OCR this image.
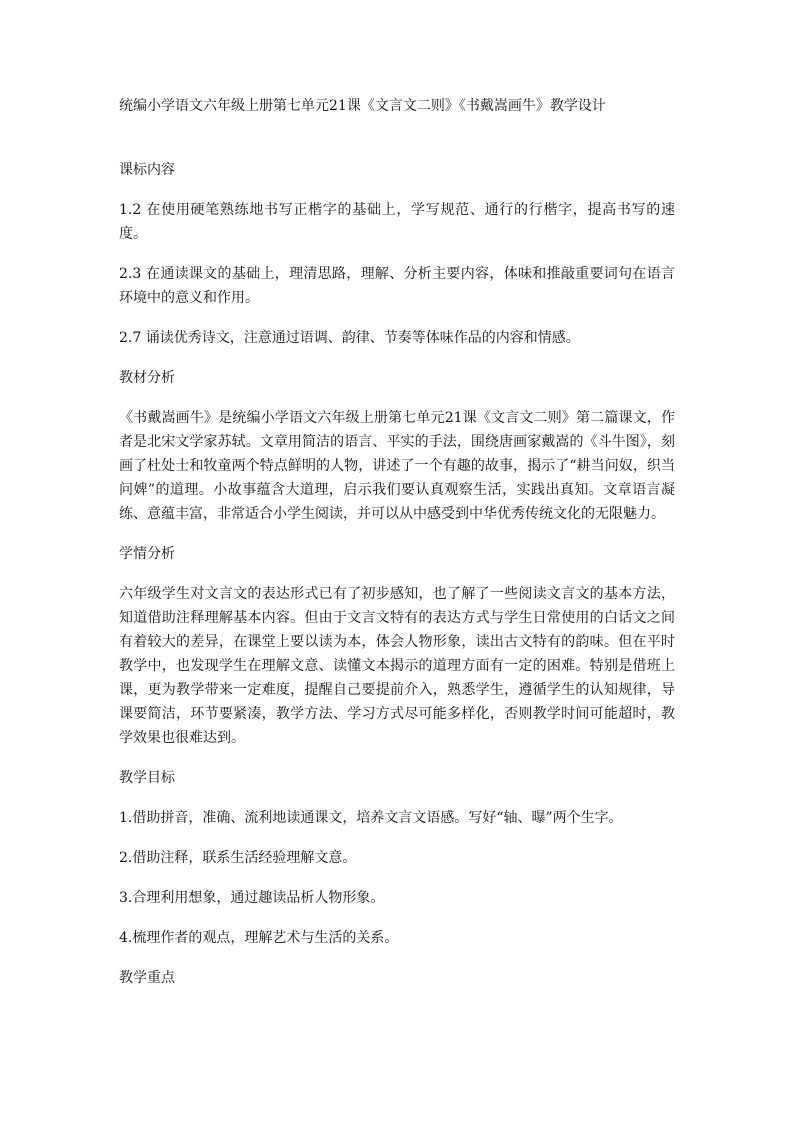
统编小学语文六年级上册第七单元21课《文言文二则》《书戴嵩画牛》教学设计
课标内容
1.2 在使用硬笔熟练地书写正楷字的基础上，学写规范、通行的行楷字，提高书写的速度。
2.3 在通读课文的基础上，理清思路，理解、分析主要内容，体味和推敲重要词句在语言环境中的意义和作用。
2.7 诵读优秀诗文，注意通过语调、韵律、节奏等体味作品的内容和情感。
教材分析
《书戴嵩画牛》是统编小学语文六年级上册第七单元21课《文言文二则》第二篇课文，作者是北宋文学家苏轼。文章用简洁的语言、平实的手法，围绕唐画家戴嵩的《斗牛图》，刻画了杜处士和牧童两个特点鲜明的人物，讲述了一个有趣的故事，揭示了“耕当问奴，织当问婢”的道理。小故事蕴含大道理，启示我们要认真观察生活，实践出真知。文章语言凝练、意蕴丰富，非常适合小学生阅读，并可以从中感受到中华优秀传统文化的无限魅力。
学情分析
六年级学生对文言文的表达形式已有了初步感知，也了解了一些阅读文言文的基本方法，知道借助注释理解基本内容。但由于文言文特有的表达方式与学生日常使用的白话文之间有着较大的差异，在课堂上要以读为本，体会人物形象，读出古文特有的韵味。但在平时教学中，也发现学生在理解文意、读懂文本揭示的道理方面有一定的困难。特别是借班上课，更为教学带来一定难度，提醒自己要提前介入，熟悉学生，遵循学生的认知规律，导课要简洁，环节要紧凑，教学方法、学习方式尽可能多样化，否则教学时间可能超时，教学效果也很难达到。
教学目标
1.借助拼音，准确、流利地读通课文，培养文言文语感。写好“轴、曝”两个生字。
2.借助注释，联系生活经验理解文意。
3.合理利用想象，通过趣读品析人物形象。
4.梳理作者的观点，理解艺术与生活的关系。
教学重点
